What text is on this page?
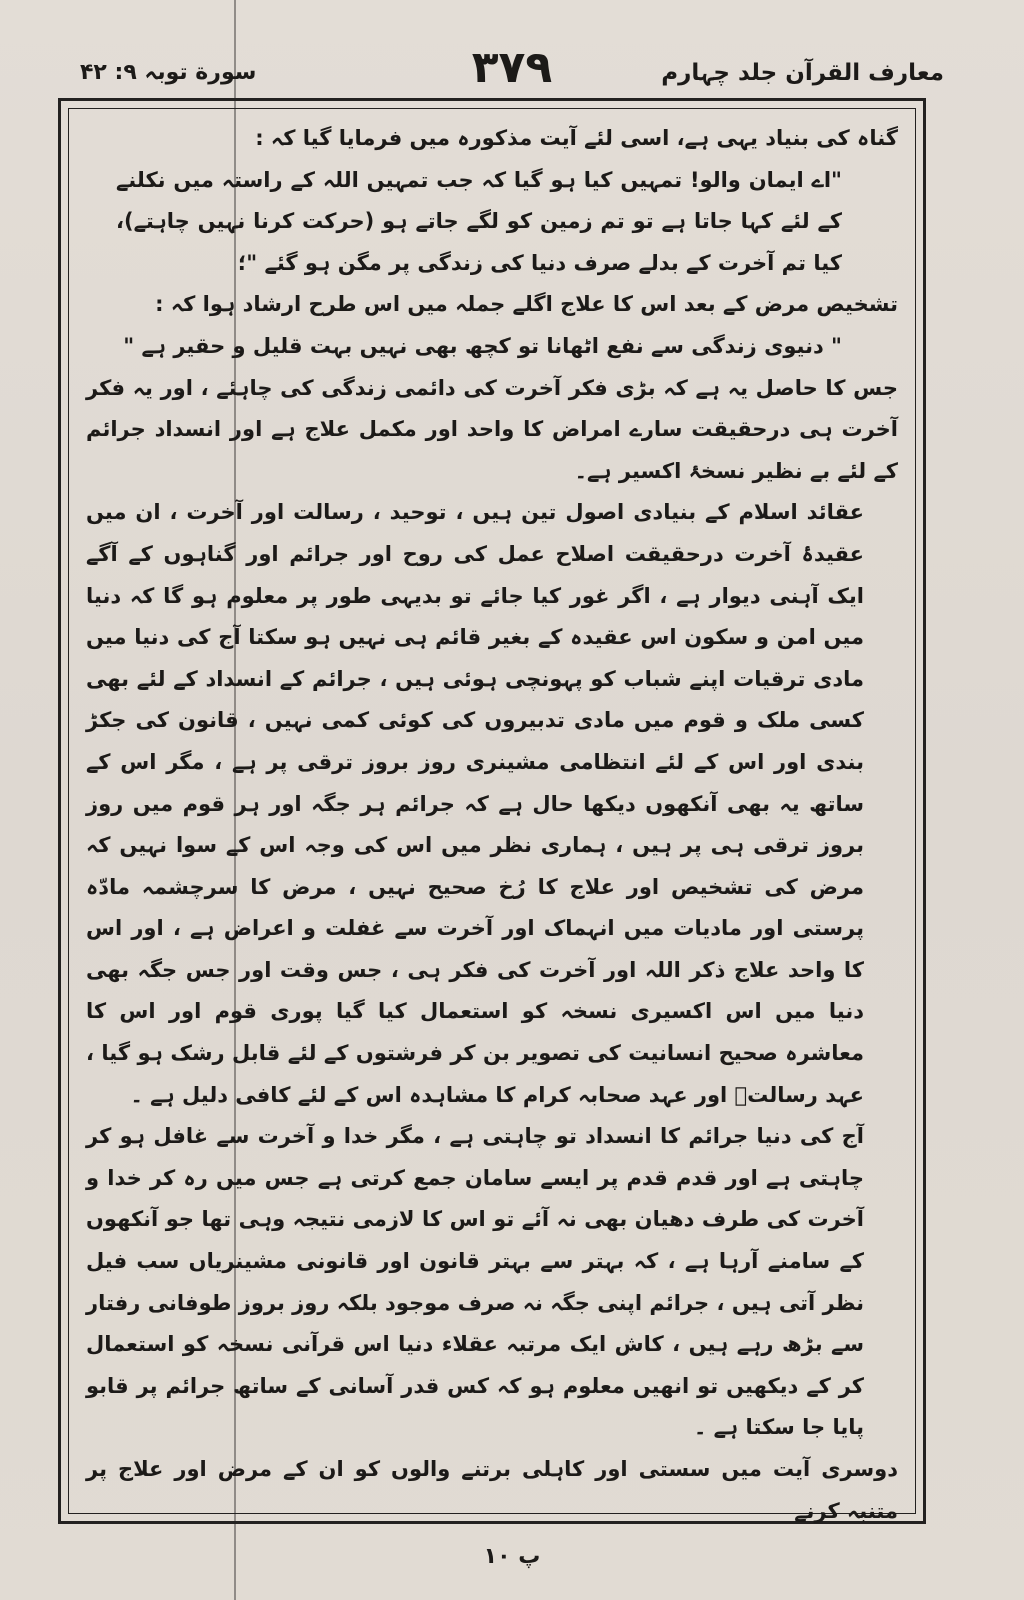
سورة توبہ ۹: ۴۲	۳۷۹	معارف القرآن جلد چہارم

گناہ کی بنیاد یہی ہے، اسی لئے آیت مذکورہ میں فرمایا گیا کہ :

"اے ایمان والو! تمہیں کیا ہو گیا کہ جب تمہیں اللہ کے راستہ میں نکلنے کے لئے کہا جاتا ہے تو تم زمین کو لگے جاتے ہو (حرکت کرنا نہیں چاہتے)، کیا تم آخرت کے بدلے صرف دنیا کی زندگی پر مگن ہو گئے "؛

تشخیص مرض کے بعد اس کا علاج اگلے جملہ میں اس طرح ارشاد ہوا کہ :

" دنیوی زندگی سے نفع اٹھانا تو کچھ بھی نہیں بہت قلیل و حقیر ہے "

جس کا حاصل یہ ہے کہ بڑی فکر آخرت کی دائمی زندگی کی چاہئے ، اور یہ فکر آخرت ہی درحقیقت سارے امراض کا واحد اور مکمل علاج ہے اور انسداد جرائم کے لئے بے نظیر نسخۂ اکسیر ہے۔

عقائد اسلام کے بنیادی اصول تین ہیں ، توحید ، رسالت اور آخرت ، ان میں عقیدۂ آخرت درحقیقت اصلاح عمل کی روح اور جرائم اور گناہوں کے آگے ایک آہنی دیوار ہے ، اگر غور کیا جائے تو بدیہی طور پر معلوم ہو گا کہ دنیا میں امن و سکون اس عقیدہ کے بغیر قائم ہی نہیں ہو سکتا آج کی دنیا میں مادی ترقیات اپنے شباب کو پہونچی ہوئی ہیں ، جرائم کے انسداد کے لئے بھی کسی ملک و قوم میں مادی تدبیروں کی کوئی کمی نہیں ، قانون کی جکڑ بندی اور اس کے لئے انتظامی مشینری روز بروز ترقی پر ہے ، مگر اس کے ساتھ یہ بھی آنکھوں دیکھا حال ہے کہ جرائم ہر جگہ اور ہر قوم میں روز بروز ترقی ہی پر ہیں ، ہماری نظر میں اس کی وجہ اس کے سوا نہیں کہ مرض کی تشخیص اور علاج کا رُخ صحیح نہیں ، مرض کا سرچشمہ مادّہ پرستی اور مادیات میں انہماک اور آخرت سے غفلت و اعراض ہے ، اور اس کا واحد علاج ذکر اللہ اور آخرت کی فکر ہی ، جس وقت اور جس جگہ بھی دنیا میں اس اکسیری نسخہ کو استعمال کیا گیا پوری قوم اور اس کا معاشرہ صحیح انسانیت کی تصویر بن کر فرشتوں کے لئے قابل رشک ہو گیا ، عہد رسالتؐ اور عہد صحابہ کرام کا مشاہدہ اس کے لئے کافی دلیل ہے ۔

آج کی دنیا جرائم کا انسداد تو چاہتی ہے ، مگر خدا و آخرت سے غافل ہو کر چاہتی ہے اور قدم قدم پر ایسے سامان جمع کرتی ہے جس میں رہ کر خدا و آخرت کی طرف دھیان بھی نہ آئے تو اس کا لازمی نتیجہ وہی تھا جو آنکھوں کے سامنے آرہا ہے ، کہ بہتر سے بہتر قانون اور قانونی مشینریاں سب فیل نظر آتی ہیں ، جرائم اپنی جگہ نہ صرف موجود بلکہ روز بروز طوفانی رفتار سے بڑھ رہے ہیں ، کاش ایک مرتبہ عقلاء دنیا اس قرآنی نسخہ کو استعمال کر کے دیکھیں تو انھیں معلوم ہو کہ کس قدر آسانی کے ساتھ جرائم پر قابو پایا جا سکتا ہے ۔

دوسری آیت میں سستی اور کاہلی برتنے والوں کو ان کے مرض اور علاج پر متنبہ کرنے

پ ۱۰
